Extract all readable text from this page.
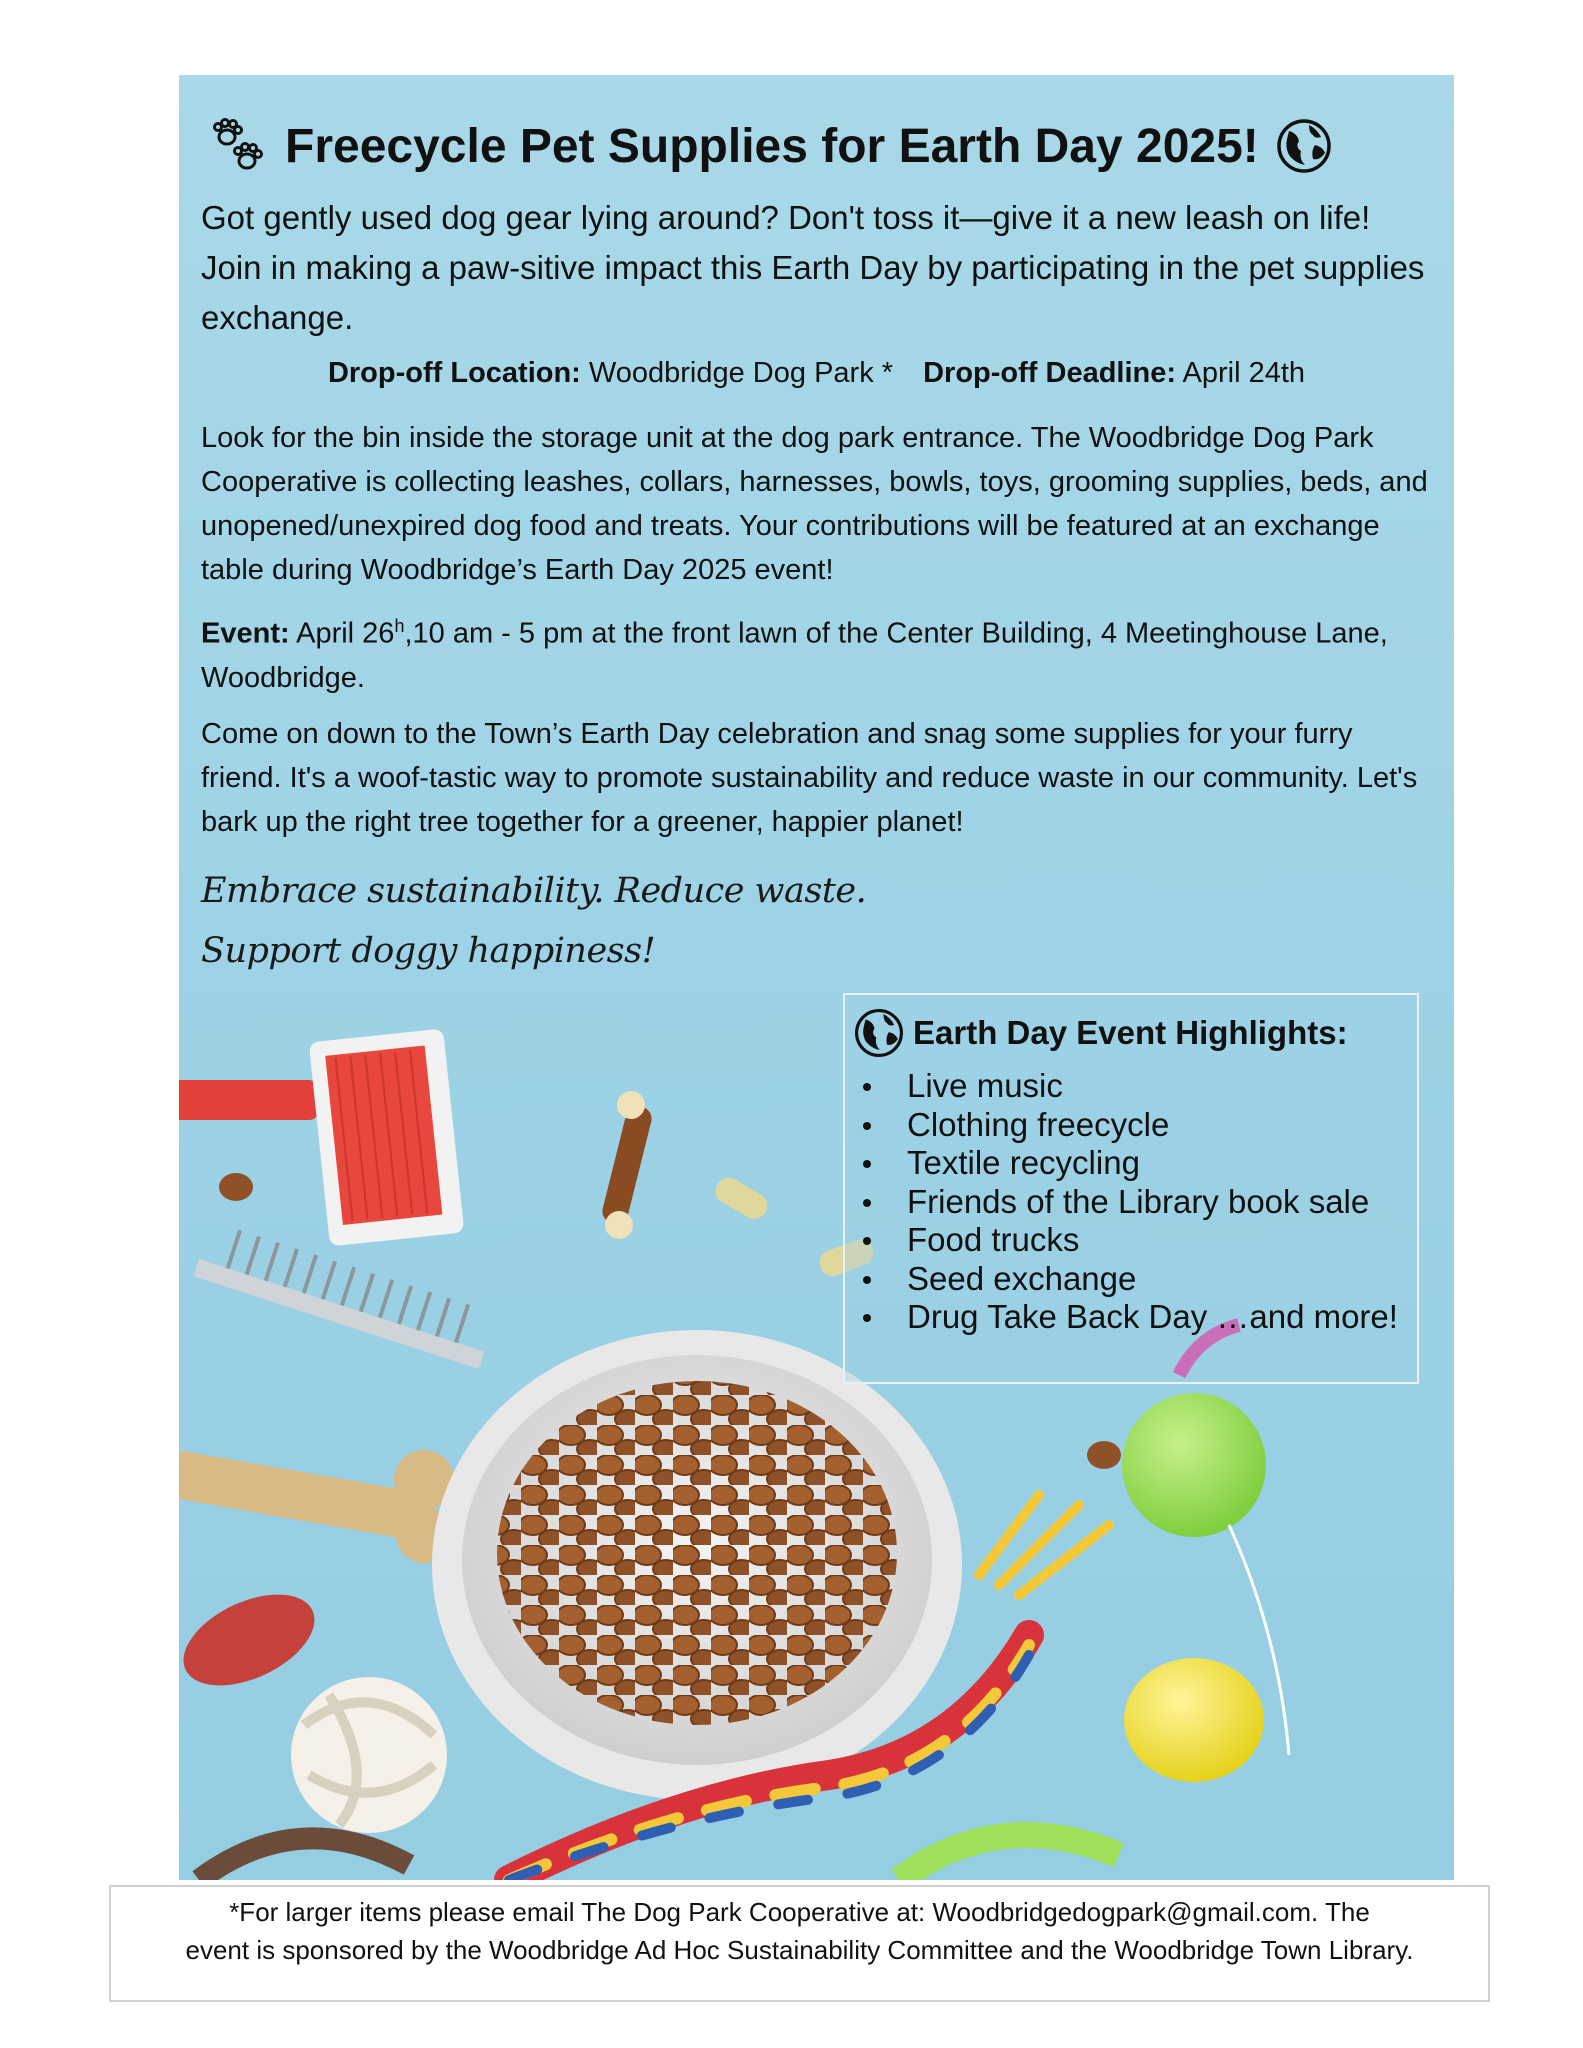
Freecycle Pet Supplies for Earth Day 2025!

Got gently used dog gear lying around? Don't toss it—give it a new leash on life! Join in making a paw-sitive impact this Earth Day by participating in the pet supplies exchange.

Drop-off Location: Woodbridge Dog Park * Drop-off Deadline: April 24th

Look for the bin inside the storage unit at the dog park entrance. The Woodbridge Dog Park Cooperative is collecting leashes, collars, harnesses, bowls, toys, grooming supplies, beds, and unopened/unexpired dog food and treats. Your contributions will be featured at an exchange table during Woodbridge’s Earth Day 2025 event!

Event: April 26$^h$,10 am - 5 pm at the front lawn of the Center Building, 4 Meetinghouse Lane, Woodbridge.

Come on down to the Town’s Earth Day celebration and snag some supplies for your furry friend. It's a woof-tastic way to promote sustainability and reduce waste in our community. Let's bark up the right tree together for a greener, happier planet!

Embrace sustainability. Reduce waste.
Support doggy happiness!
Earth Day Event Highlights:
Live music
Clothing freecycle
Textile recycling
Friends of the Library book sale
Food trucks
Seed exchange
Drug Take Back Day …and more!

*For larger items please email The Dog Park Cooperative at: Woodbridgedogpark@gmail.com. The
event is sponsored by the Woodbridge Ad Hoc Sustainability Committee and the Woodbridge Town Library.
